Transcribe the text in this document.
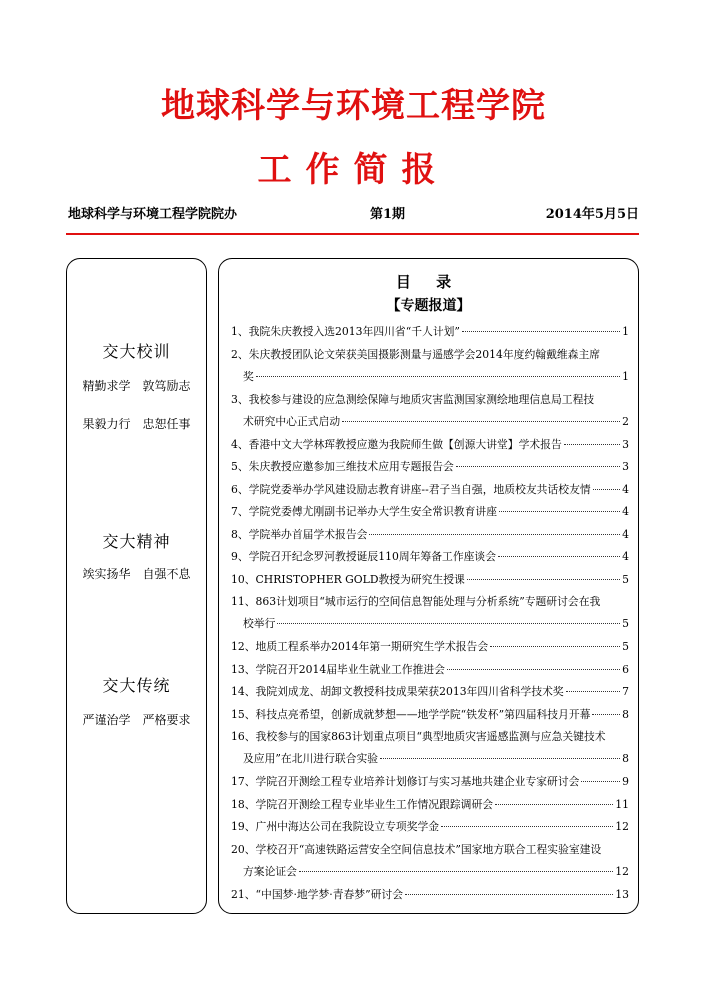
地球科学与环境工程学院
工作简报
地球科学与环境工程学院院办	第1期	2014年5月5日
交大校训
精勤求学　敦笃励志
果毅力行　忠恕任事
交大精神
竢实扬华　自强不息
交大传统
严谨治学　严格要求
目 录
【专题报道】
1、我院朱庆教授入选2013年四川省“千人计划”	1
2、朱庆教授团队论文荣获美国摄影测量与遥感学会2014年度约翰戴维森主席
奖	1
3、我校参与建设的应急测绘保障与地质灾害监测国家测绘地理信息局工程技
术研究中心正式启动	2
4、香港中文大学林珲教授应邀为我院师生做【创源大讲堂】学术报告	3
5、朱庆教授应邀参加三维技术应用专题报告会	3
6、学院党委举办学风建设励志教育讲座--君子当自强，地质校友共话校友情	4
7、学院党委傅尤刚副书记举办大学生安全常识教育讲座	4
8、学院举办首届学术报告会	4
9、学院召开纪念罗河教授诞辰110周年筹备工作座谈会	4
10、CHRISTOPHER GOLD教授为研究生授课	5
11、863计划项目“城市运行的空间信息智能处理与分析系统”专题研讨会在我
校举行	5
12、地质工程系举办2014年第一期研究生学术报告会	5
13、学院召开2014届毕业生就业工作推进会	6
14、我院刘成龙、胡卸文教授科技成果荣获2013年四川省科学技术奖	7
15、科技点亮希望，创新成就梦想——地学学院“铁发杯”第四届科技月开幕	8
16、我校参与的国家863计划重点项目“典型地质灾害遥感监测与应急关键技术
及应用”在北川进行联合实验	8
17、学院召开测绘工程专业培养计划修订与实习基地共建企业专家研讨会	9
18、学院召开测绘工程专业毕业生工作情况跟踪调研会	11
19、广州中海达公司在我院设立专项奖学金	12
20、学校召开“高速铁路运营安全空间信息技术”国家地方联合工程实验室建设
方案论证会	12
21、“中国梦·地学梦·青春梦”研讨会	13
